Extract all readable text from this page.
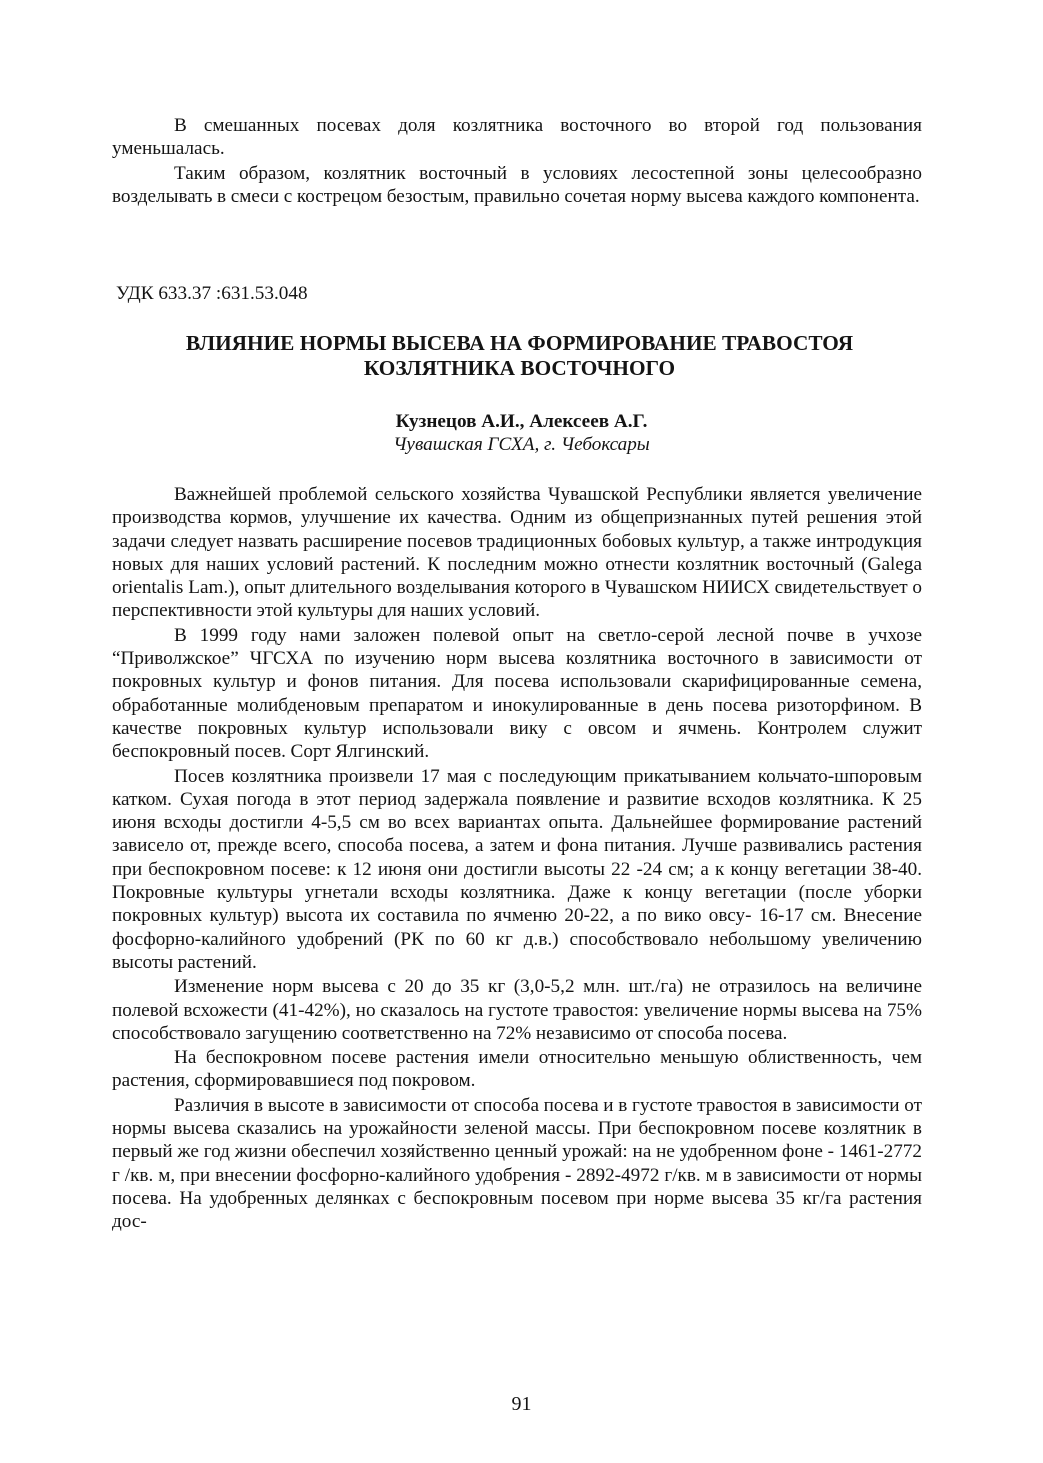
В смешанных посевах доля козлятника восточного во второй год пользования уменьшалась.

Таким образом, козлятник восточный в условиях лесостепной зоны целесообразно возделывать в смеси с кострецом безостым, правильно сочетая норму высева каждого компонента.

УДК 633.37 :631.53.048

ВЛИЯНИЕ НОРМЫ ВЫСЕВА НА ФОРМИРОВАНИЕ ТРАВОСТОЯ
КОЗЛЯТНИКА ВОСТОЧНОГО

Кузнецов А.И., Алексеев А.Г.

Чувашская ГСХА, г. Чебоксары

Важнейшей проблемой сельского хозяйства Чувашской Республики является увеличение производства кормов, улучшение их качества. Одним из общепризнанных путей решения этой задачи следует назвать расширение посевов традиционных бобовых культур, а также интродукция новых для наших условий растений. К последним можно отнести козлятник восточный (Galega orientalis Lam.), опыт длительного возделывания которого в Чувашском НИИСХ свидетельствует о перспективности этой культуры для наших условий.

В 1999 году нами заложен полевой опыт на светло-серой лесной почве в учхозе “Приволжское” ЧГСХА по изучению норм высева козлятника восточного в зависимости от покровных культур и фонов питания. Для посева использовали скарифицированные семена, обработанные молибденовым препаратом и инокулированные в день посева ризоторфином. В качестве покровных культур использовали вику с овсом и ячмень. Контролем служит беспокровный посев. Сорт Ялгинский.

Посев козлятника произвели 17 мая с последующим прикатыванием кольчато-шпоровым катком. Сухая погода в этот период задержала появление и развитие всходов козлятника. К 25 июня всходы достигли 4-5,5 см во всех вариантах опыта. Дальнейшее формирование растений зависело от, прежде всего, способа посева, а затем и фона питания. Лучше развивались растения при беспокровном посеве: к 12 июня они достигли высоты 22 -24 см; а к концу вегетации 38-40. Покровные культуры угнетали всходы козлятника. Даже к концу вегетации (после уборки покровных культур) высота их составила по ячменю 20-22, а по вико овсу- 16-17 см. Внесение фосфорно-калийного удобрений (РК по 60 кг д.в.) способствовало небольшому увеличению высоты растений.

Изменение норм высева с 20 до 35 кг (3,0-5,2 млн. шт./га) не отразилось на величине полевой всхожести (41-42%), но сказалось на густоте травостоя: увеличение нормы высева на 75% способствовало загущению соответственно на 72% независимо от способа посева.

На беспокровном посеве растения имели относительно меньшую облиственность, чем растения, сформировавшиеся под покровом.

Различия в высоте в зависимости от способа посева и в густоте травостоя в зависимости от нормы высева сказались на урожайности зеленой массы. При беспокровном посеве козлятник в первый же год жизни обеспечил хозяйственно ценный урожай: на не удобренном фоне - 1461-2772 г /кв. м, при внесении фосфорно-калийного удобрения - 2892-4972 г/кв. м в зависимости от нормы посева. На удобренных делянках с беспокровным посевом при норме высева 35 кг/га растения дос-

91
